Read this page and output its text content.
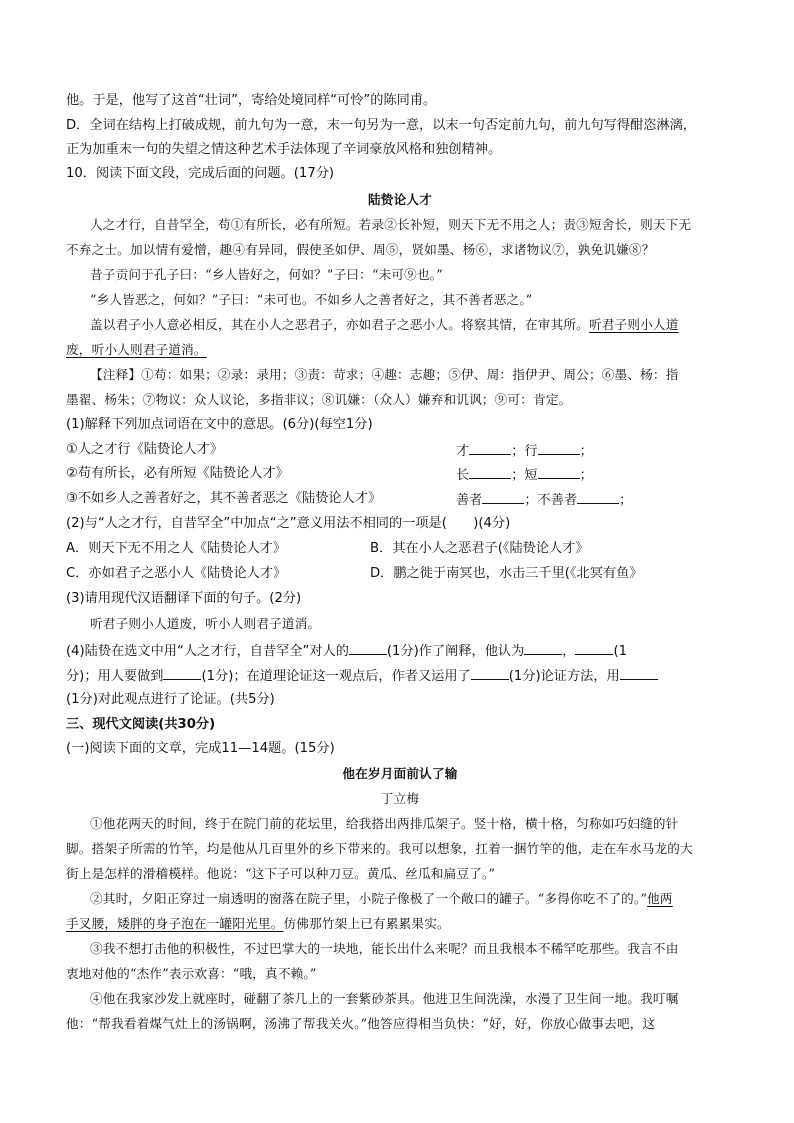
他。于是，他写了这首“壮词”，寄给处境同样“可怜”的陈同甫。
D．全词在结构上打破成规，前九句为一意，末一句另为一意，以末一句否定前九句，前九句写得酣恣淋漓，
正为加重末一句的失望之情这种艺术手法体现了辛词豪放风格和独创精神。
10．阅读下面文段，完成后面的问题。(17分)
陆贽论人才
人之才行，自昔罕全，苟①有所长，必有所短。若录②长补短，则天下无不用之人；责③短舍长，则天下无
不弃之士。加以情有爱憎，趣④有异同，假使圣如伊、周⑤，贤如墨、杨⑥，求诸物议⑦，孰免讥嫌⑧？
昔子贡问于孔子曰：“乡人皆好之，何如？”子曰：“未可⑨也。”
“乡人皆恶之，何如？”子曰：“未可也。不如乡人之善者好之，其不善者恶之。”
盖以君子小人意必相反，其在小人之恶君子，亦如君子之恶小人。将察其情，在审其所。听君子则小人道
废，听小人则君子道消。
【注释】①苟：如果；②录：录用；③责：苛求；④趣：志趣；⑤伊、周：指伊尹、周公；⑥墨、杨：指
墨翟、杨朱；⑦物议：众人议论，多指非议；⑧讥嫌：（众人）嫌弃和讥讽；⑨可：肯定。
(1)解释下列加点词语在文中的意思。(6分)(每空1分)
①人之才行《陆贽论人才》	才	；行	；
②苟有所长，必有所短《陆贽论人才》	长	；短	；
③不如乡人之善者好之，其不善者恶之《陆贽论人才》	善者	；不善者	；
(2)与“人之才行，自昔罕全”中加点“之”意义用法不相同的一项是(　　)(4分)
A．则天下无不用之人《陆贽论人才》	B．其在小人之恶君子(《陆贽论人才》
C．亦如君子之恶小人《陆贽论人才》	D．鹏之徙于南冥也，水击三千里(《北冥有鱼》
(3)请用现代汉语翻译下面的句子。(2分)
听君子则小人道废，听小人则君子道消。
(4)陆贽在选文中用“人之才行，自昔罕全”对人的	(1分)作了阐释，他认为	，	(1
分)；用人要做到	(1分)；在道理论证这一观点后，作者又运用了	(1分)论证方法，用
(1分)对此观点进行了论证。(共5分)
三、现代文阅读(共30分)
(一)阅读下面的文章，完成11—14题。(15分)
他在岁月面前认了输
丁立梅
①他花两天的时间，终于在院门前的花坛里，给我搭出两排瓜架子。竖十格，横十格，匀称如巧妇缝的针
脚。搭架子所需的竹竿，均是他从几百里外的乡下带来的。我可以想象，扛着一捆竹竿的他，走在车水马龙的大
街上是怎样的滑稽模样。他说：“这下子可以种刀豆。黄瓜、丝瓜和扁豆了。”
②其时，夕阳正穿过一扇透明的窗落在院子里，小院子像极了一个敞口的罐子。“多得你吃不了的。”他两
手叉腰，矮胖的身子泡在一罐阳光里。仿佛那竹架上已有累累果实。
③我不想打击他的积极性，不过巴掌大的一块地，能长出什么来呢？而且我根本不稀罕吃那些。我言不由
衷地对他的“杰作”表示欢喜：“哦，真不赖。”
④他在我家沙发上就座时，碰翻了茶几上的一套紫砂茶具。他进卫生间洗澡，水漫了卫生间一地。我叮嘱
他：“帮我看着煤气灶上的汤锅啊，汤沸了帮我关火。”他答应得相当负快：“好，好，你放心做事去吧，这
